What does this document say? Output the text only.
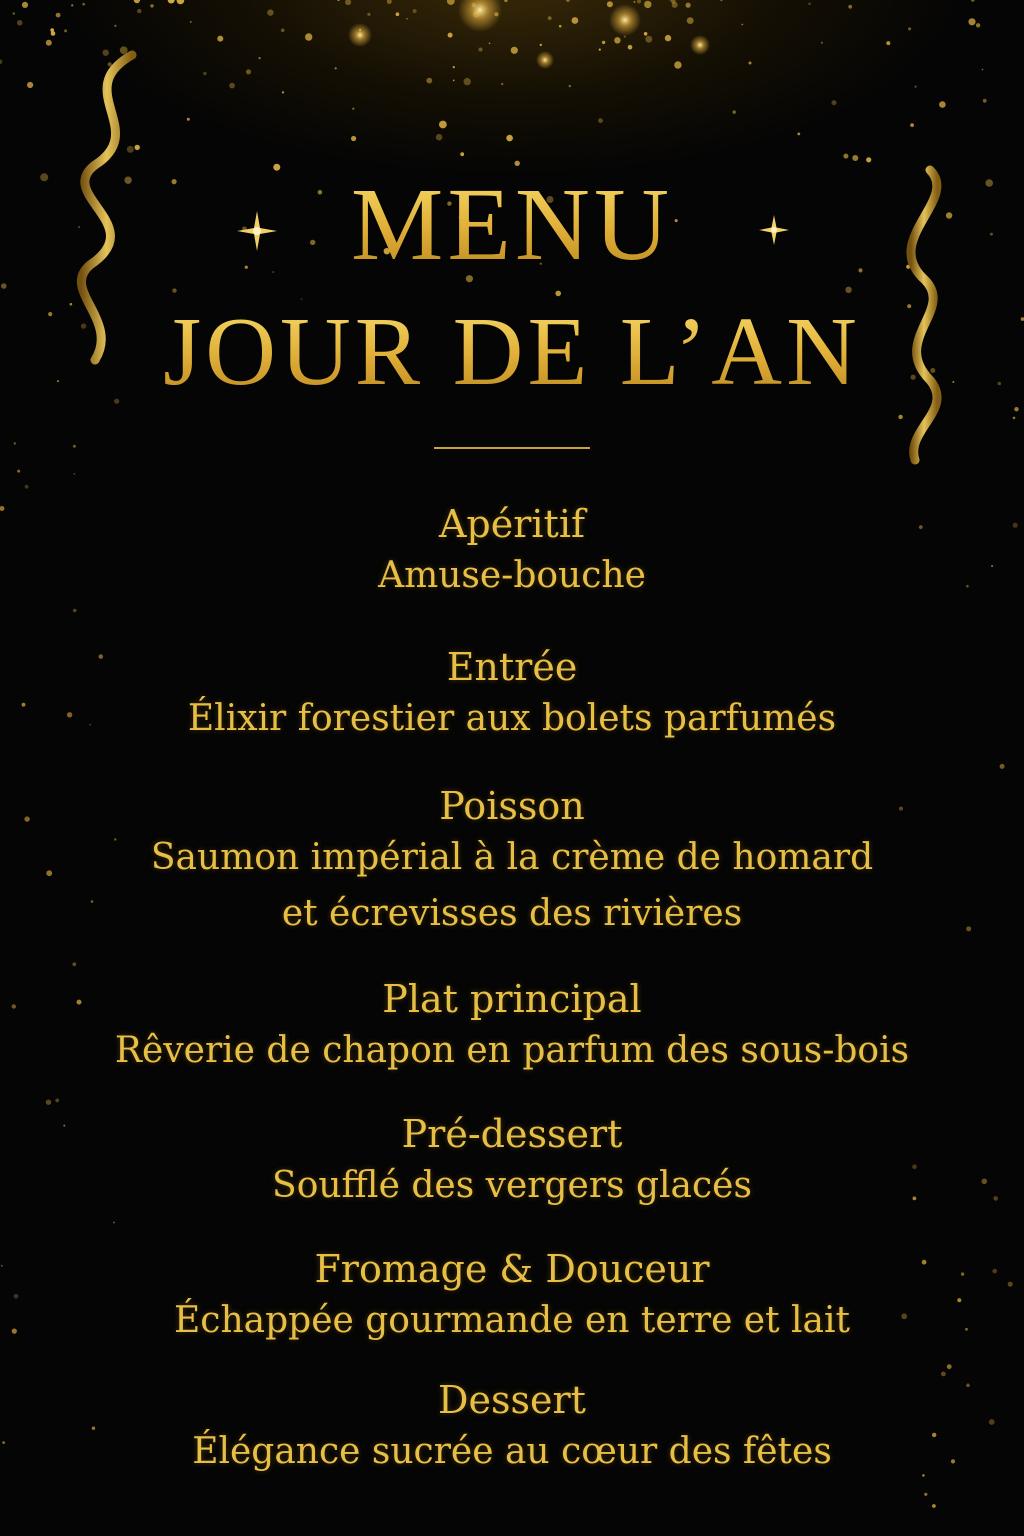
MENU
JOUR DE L’AN
Apéritif
Amuse-bouche
Entrée
Élixir forestier aux bolets parfumés
Poisson
Saumon impérial à la crème de homard
et écrevisses des rivières
Plat principal
Rêverie de chapon en parfum des sous-bois
Pré-dessert
Soufflé des vergers glacés
Fromage & Douceur
Échappée gourmande en terre et lait
Dessert
Élégance sucrée au cœur des fêtes
